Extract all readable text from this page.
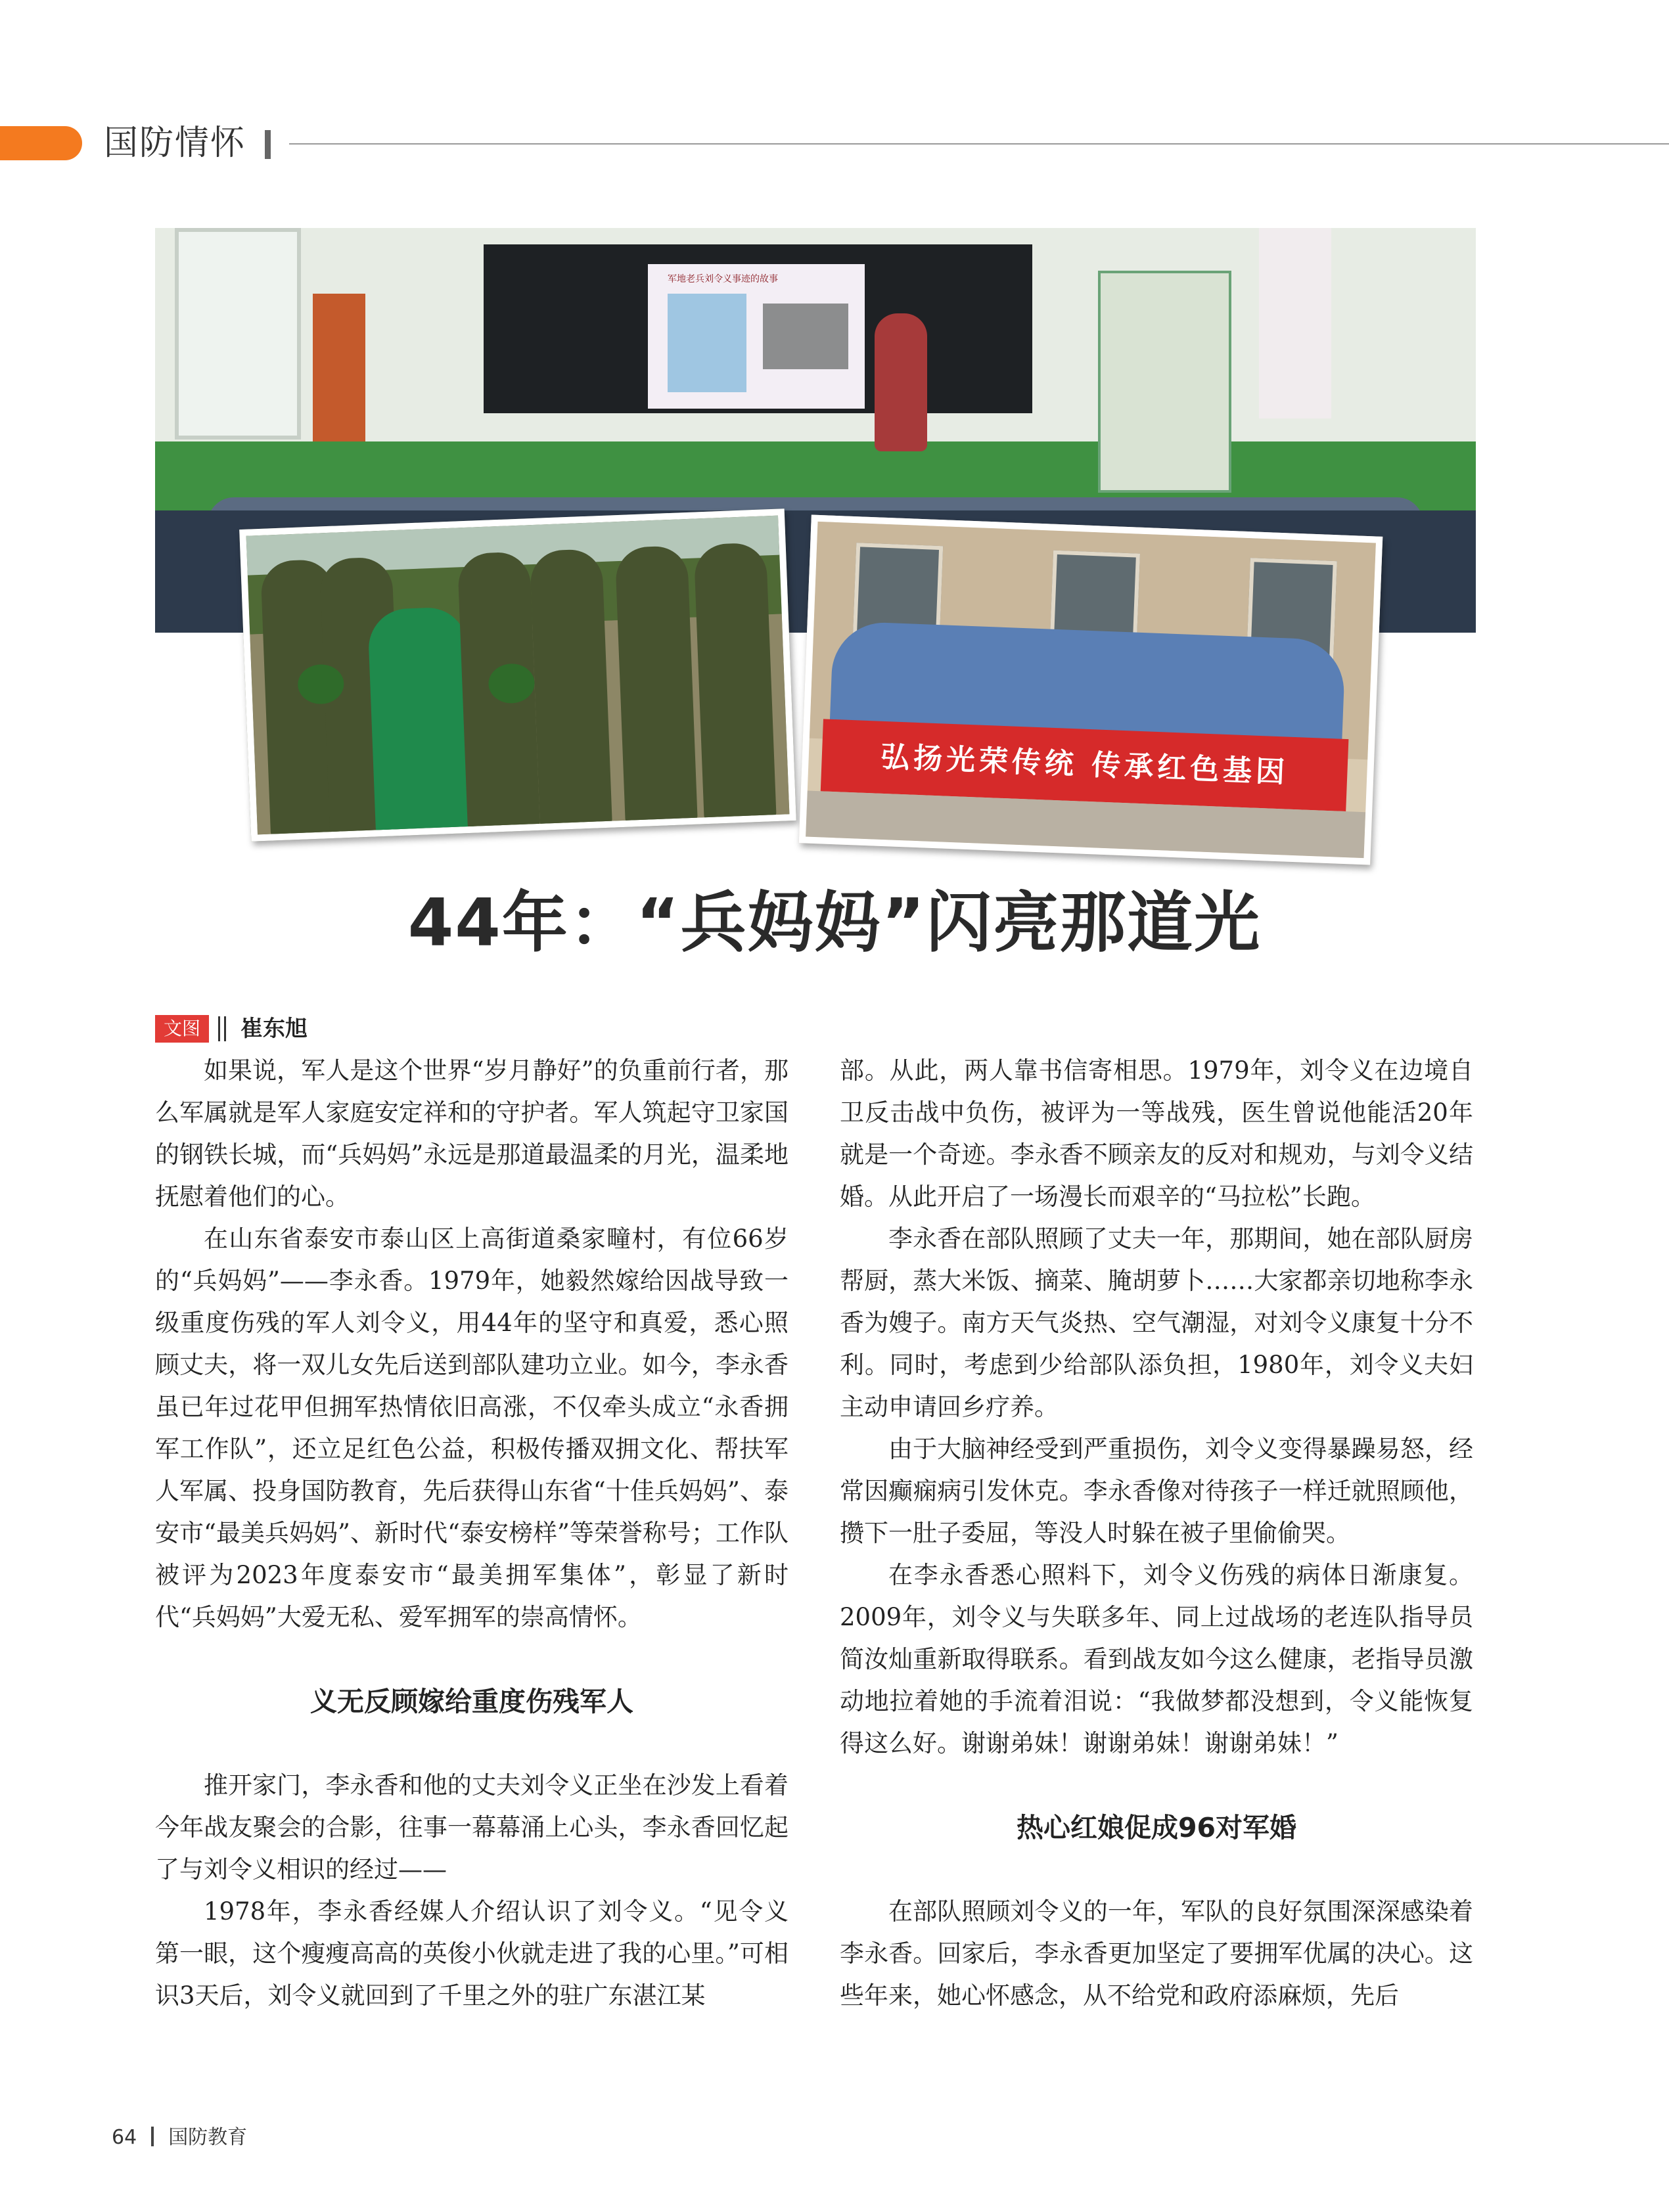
国防情怀
军地老兵刘令义事迹的故事
弘扬光荣传统 传承红色基因
44年：“兵妈妈”闪亮那道光
文图	崔东旭

如果说，军人是这个世界“岁月静好”的负重前行者，那么军属就是军人家庭安定祥和的守护者。军人筑起守卫家国的钢铁长城，而“兵妈妈”永远是那道最温柔的月光，温柔地抚慰着他们的心。

在山东省泰安市泰山区上高街道桑家疃村，有位66岁的“兵妈妈”——李永香。1979年，她毅然嫁给因战导致一级重度伤残的军人刘令义，用44年的坚守和真爱，悉心照顾丈夫，将一双儿女先后送到部队建功立业。如今，李永香虽已年过花甲但拥军热情依旧高涨，不仅牵头成立“永香拥军工作队”，还立足红色公益，积极传播双拥文化、帮扶军人军属、投身国防教育，先后获得山东省“十佳兵妈妈”、泰安市“最美兵妈妈”、新时代“泰安榜样”等荣誉称号；工作队被评为2023年度泰安市“最美拥军集体”，彰显了新时代“兵妈妈”大爱无私、爱军拥军的崇高情怀。

义无反顾嫁给重度伤残军人

推开家门，李永香和他的丈夫刘令义正坐在沙发上看着今年战友聚会的合影，往事一幕幕涌上心头，李永香回忆起了与刘令义相识的经过——

1978年，李永香经媒人介绍认识了刘令义。“见令义第一眼，这个瘦瘦高高的英俊小伙就走进了我的心里。”可相识3天后，刘令义就回到了千里之外的驻广东湛江某

部。从此，两人靠书信寄相思。1979年，刘令义在边境自卫反击战中负伤，被评为一等战残，医生曾说他能活20年就是一个奇迹。李永香不顾亲友的反对和规劝，与刘令义结婚。从此开启了一场漫长而艰辛的“马拉松”长跑。

李永香在部队照顾了丈夫一年，那期间，她在部队厨房帮厨，蒸大米饭、摘菜、腌胡萝卜……大家都亲切地称李永香为嫂子。南方天气炎热、空气潮湿，对刘令义康复十分不利。同时，考虑到少给部队添负担，1980年，刘令义夫妇主动申请回乡疗养。

由于大脑神经受到严重损伤，刘令义变得暴躁易怒，经常因癫痫病引发休克。李永香像对待孩子一样迁就照顾他，攒下一肚子委屈，等没人时躲在被子里偷偷哭。

在李永香悉心照料下，刘令义伤残的病体日渐康复。2009年，刘令义与失联多年、同上过战场的老连队指导员简汝灿重新取得联系。看到战友如今这么健康，老指导员激动地拉着她的手流着泪说：“我做梦都没想到，令义能恢复得这么好。谢谢弟妹！谢谢弟妹！谢谢弟妹！”

热心红娘促成96对军婚

在部队照顾刘令义的一年，军队的良好氛围深深感染着李永香。回家后，李永香更加坚定了要拥军优属的决心。这些年来，她心怀感念，从不给党和政府添麻烦，先后

64 国防教育
